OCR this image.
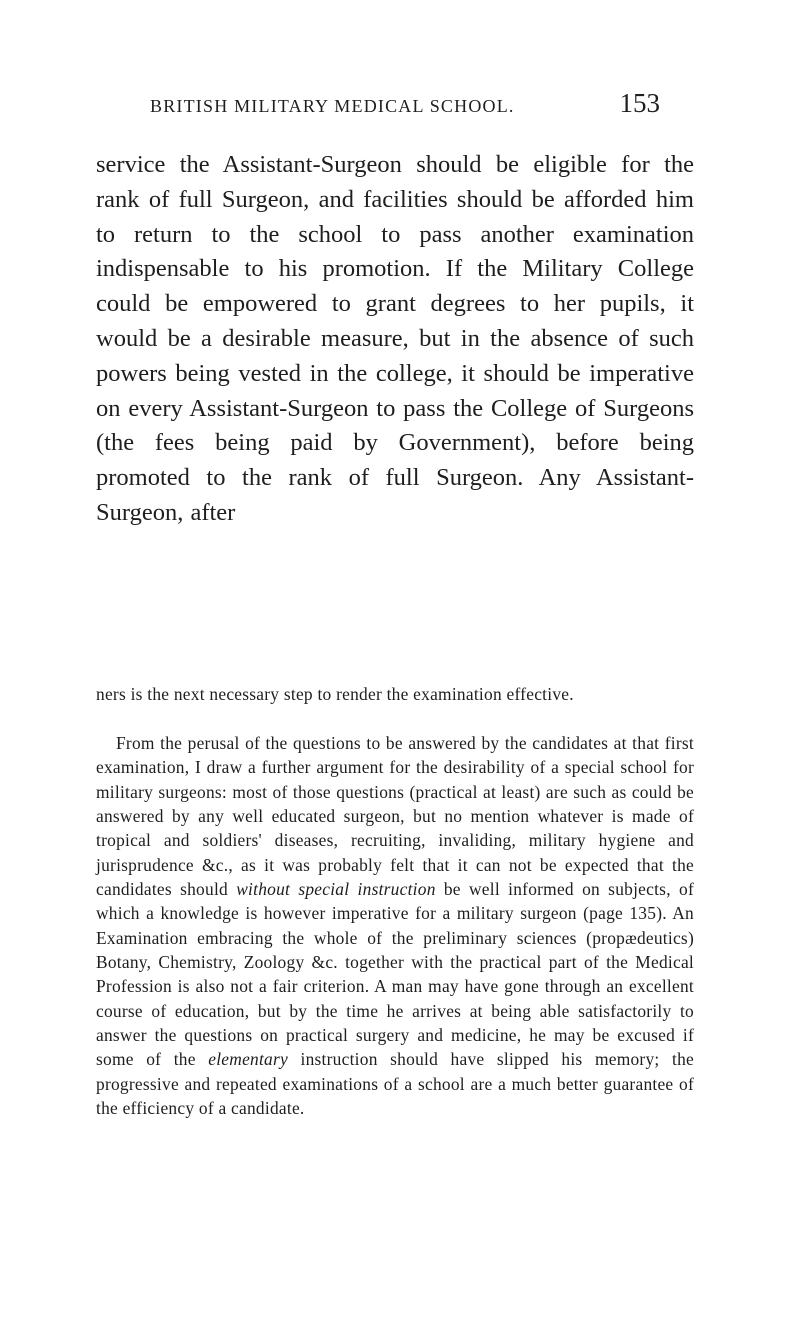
BRITISH MILITARY MEDICAL SCHOOL.	153

service the Assistant-Surgeon should be eligible for the rank of full Surgeon, and facilities should be afforded him to return to the school to pass another examination indispensable to his promotion. If the Military College could be empowered to grant degrees to her pupils, it would be a desirable measure, but in the absence of such powers being vested in the college, it should be imperative on every Assistant-Surgeon to pass the College of Surgeons (the fees being paid by Government), before being promoted to the rank of full Surgeon. Any Assistant-Surgeon, after

ners is the next necessary step to render the examination effective.

From the perusal of the questions to be answered by the candidates at that first examination, I draw a further argument for the desirability of a special school for military surgeons: most of those questions (practical at least) are such as could be answered by any well educated surgeon, but no mention whatever is made of tropical and soldiers' diseases, recruiting, invaliding, military hygiene and jurisprudence &c., as it was probably felt that it can not be expected that the candidates should without special instruction be well informed on subjects, of which a knowledge is however imperative for a military surgeon (page 135). An Examination embracing the whole of the preliminary sciences (propædeutics) Botany, Chemistry, Zoology &c. together with the practical part of the Medical Profession is also not a fair criterion. A man may have gone through an excellent course of education, but by the time he arrives at being able satisfactorily to answer the questions on practical surgery and medicine, he may be excused if some of the elementary instruction should have slipped his memory; the progressive and repeated examinations of a school are a much better guarantee of the efficiency of a candidate.
